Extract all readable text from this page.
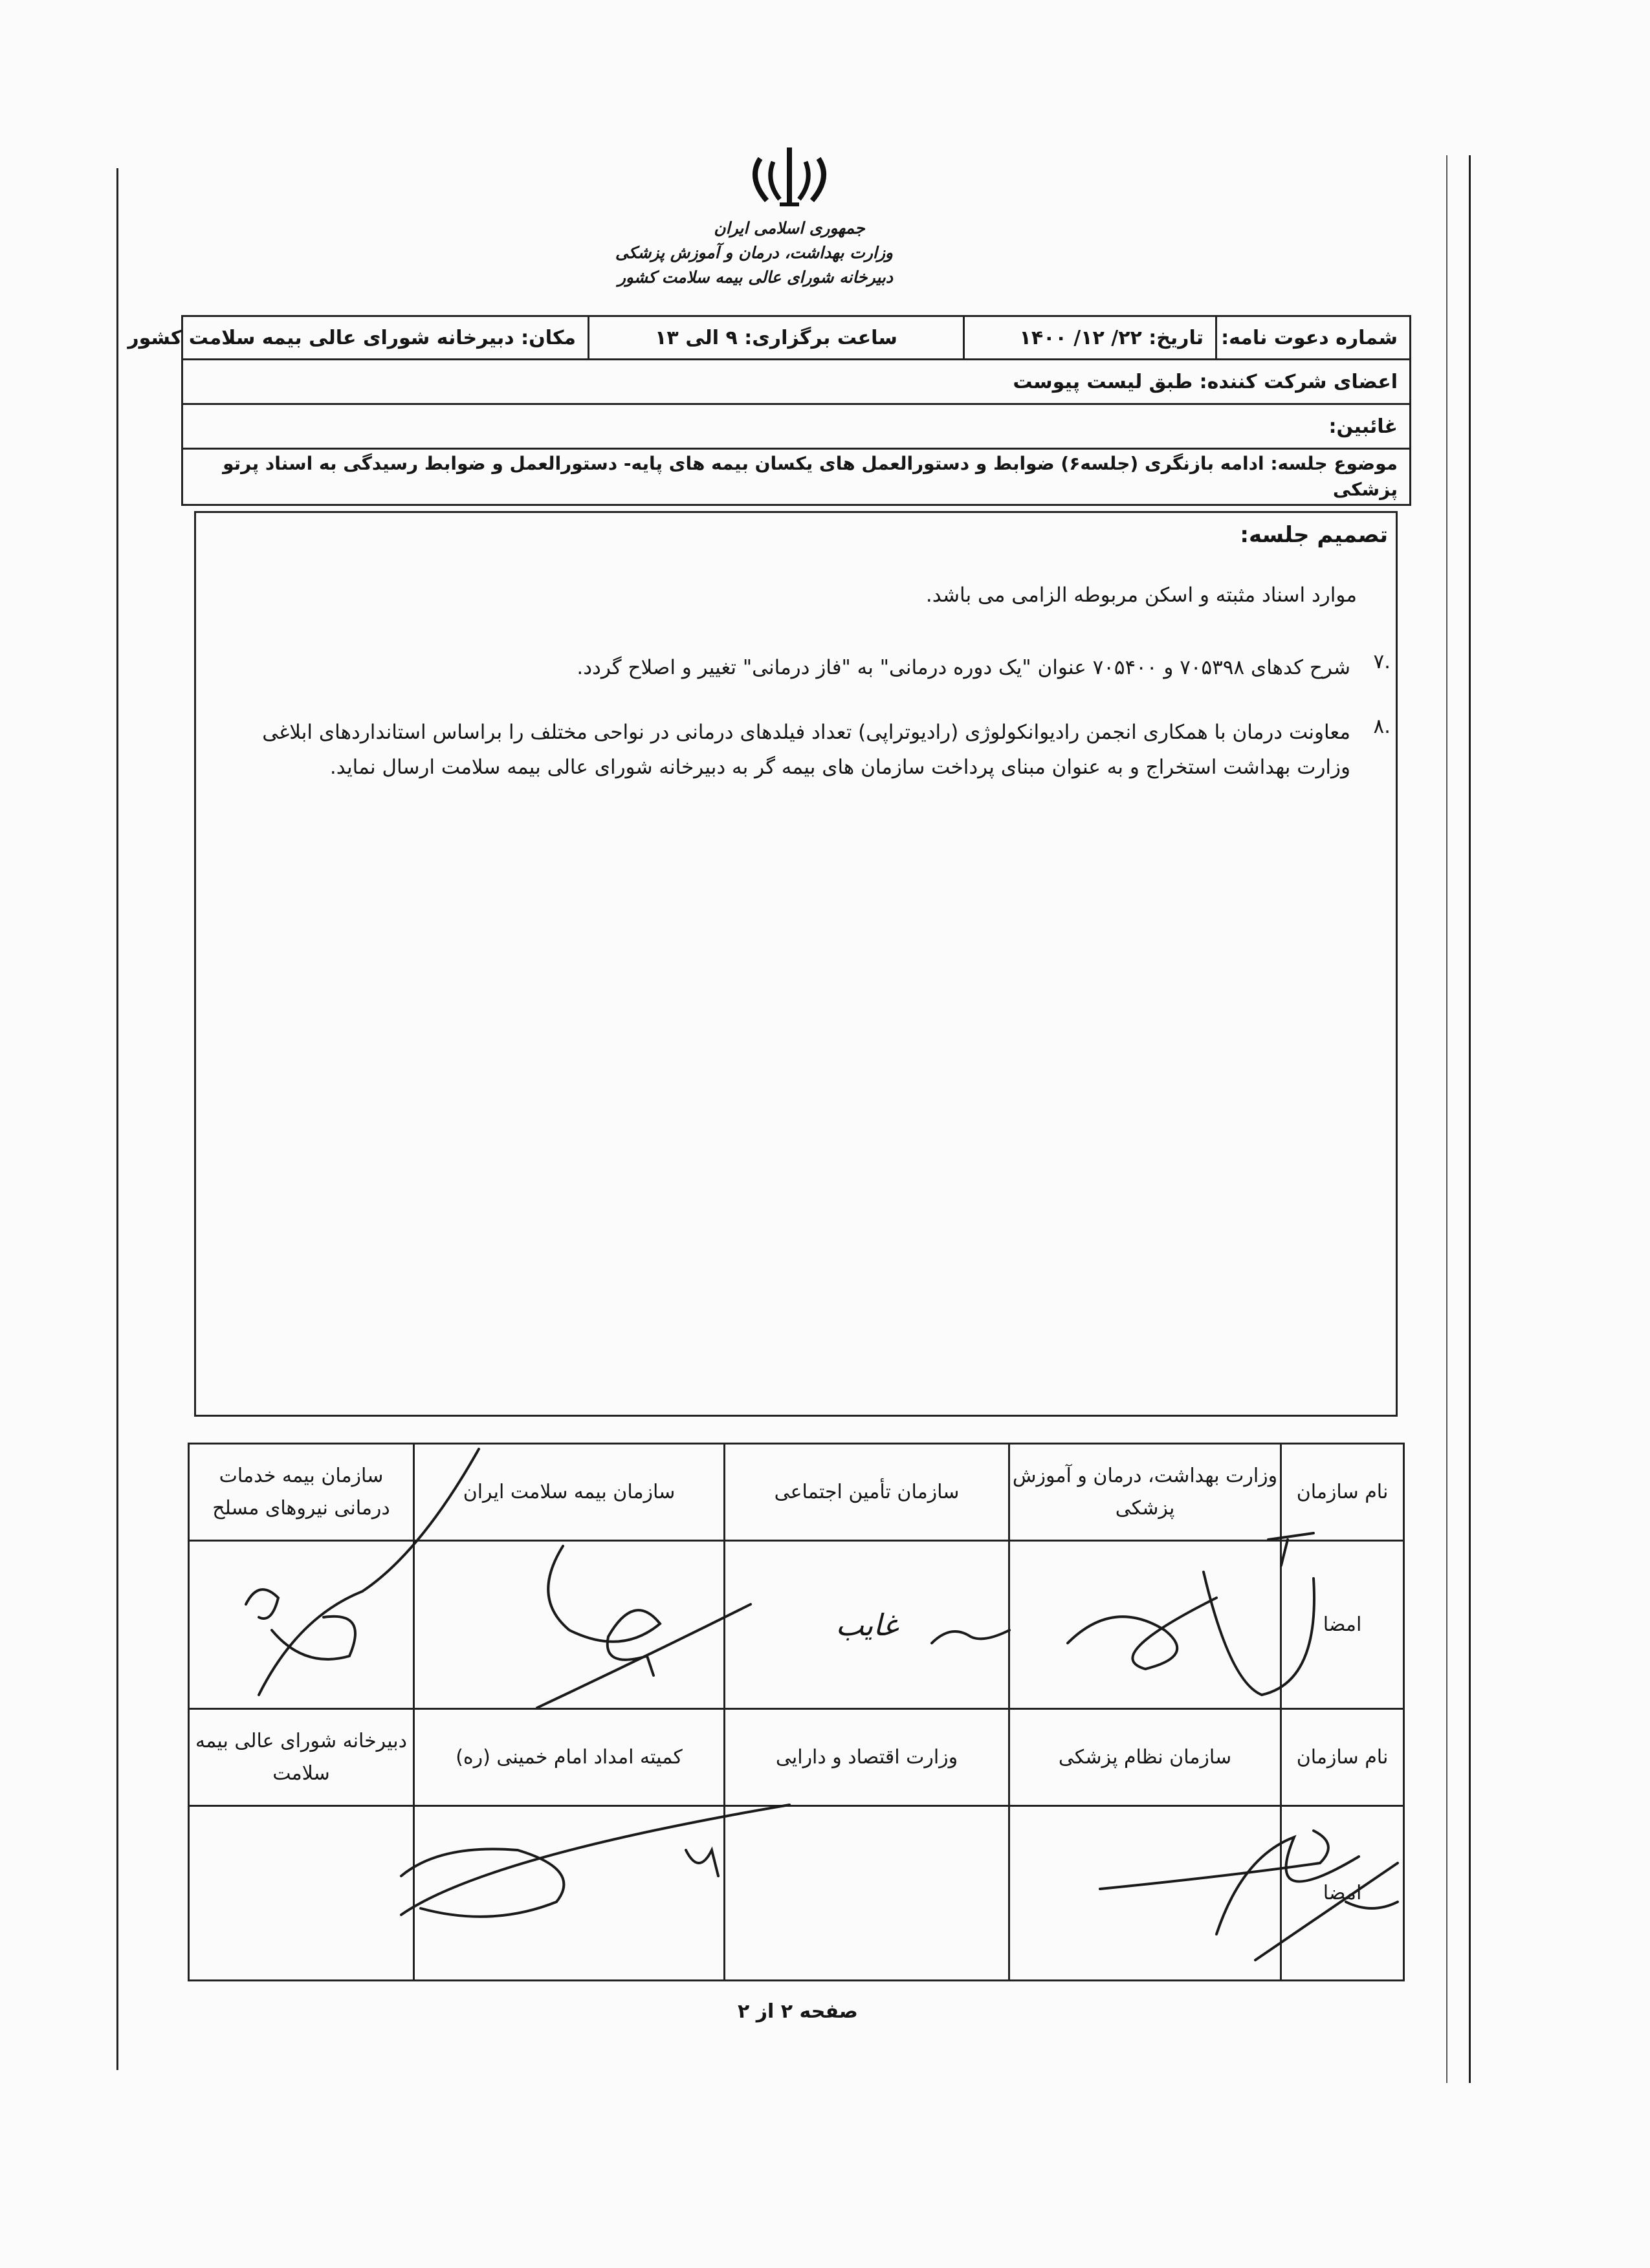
جمهوری اسلامی ایران
وزارت بهداشت، درمان و آموزش پزشکی
دبیرخانه شورای عالی بیمه سلامت کشور
شماره دعوت نامه:	تاریخ: ۲۲/ ۱۲/ ۱۴۰۰	ساعت برگزاری: ۹ الی ۱۳	مکان: دبیرخانه شورای عالی بیمه سلامت کشور
اعضای شرکت کننده: طبق لیست پیوست
غائبین:
موضوع جلسه: ادامه بازنگری (جلسه۶) ضوابط و دستورالعمل های یکسان بیمه های پایه- دستورالعمل و ضوابط رسیدگی به اسناد پرتو پزشکی
تصمیم جلسه:
موارد اسناد مثبته و اسکن مربوطه الزامی می باشد.
.۷
شرح کدهای ۷۰۵۳۹۸ و ۷۰۵۴۰۰ عنوان "یک دوره درمانی" به "فاز درمانی" تغییر و اصلاح گردد.
.۸
معاونت درمان با همکاری انجمن رادیوانکولوژی (رادیوتراپی) تعداد فیلدهای درمانی در نواحی مختلف را براساس استانداردهای ابلاغی وزارت بهداشت استخراج و به عنوان مبنای پرداخت سازمان های بیمه گر به دبیرخانه شورای عالی بیمه سلامت ارسال نماید.
نام سازمان	وزارت بهداشت، درمان و آموزش پزشکی	سازمان تأمین اجتماعی	سازمان بیمه سلامت ایران	سازمان بیمه خدمات درمانی نیروهای مسلح
امضا		غایب		
نام سازمان	سازمان نظام پزشکی	وزارت اقتصاد و دارایی	کمیته امداد امام خمینی (ره)	دبیرخانه شورای عالی بیمه سلامت
امضا				
صفحه ۲ از ۲
